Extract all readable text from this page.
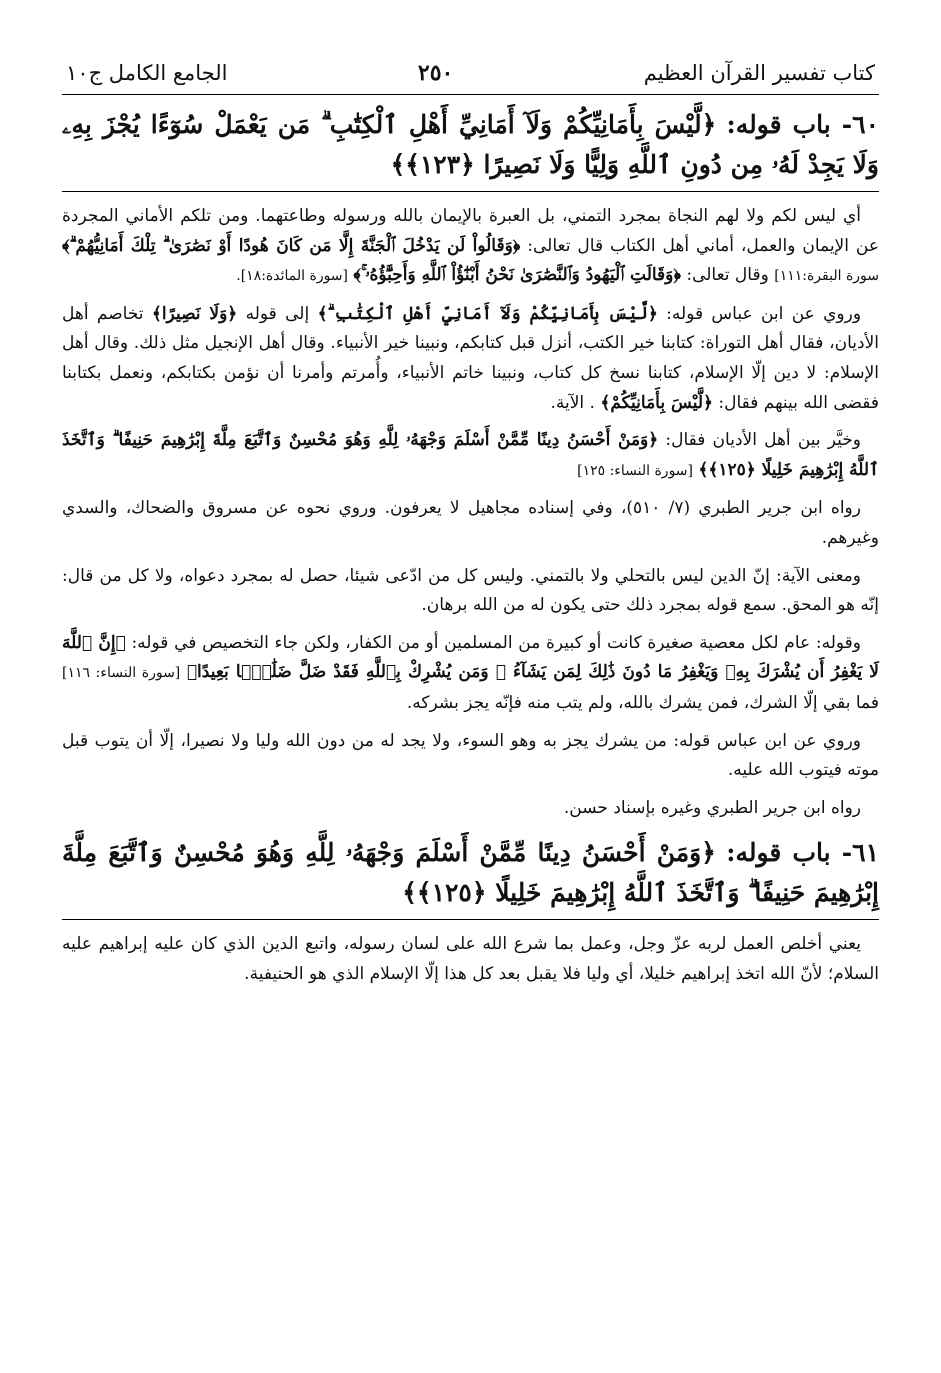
كتاب تفسير القرآن العظيم
٢٥٠
الجامع الكامل ج١٠
٦٠- باب قوله: ﴿لَّيْسَ بِأَمَانِيِّكُمْ وَلَآ أَمَانِيِّ أَهْلِ ٱلْكِتَٰبِ ۗ مَن يَعْمَلْ سُوٓءًا يُجْزَ بِهِۦ وَلَا يَجِدْ لَهُۥ مِن دُونِ ٱللَّهِ وَلِيًّا وَلَا نَصِيرًا ﴿١٢٣﴾﴾

أي ليس لكم ولا لهم النجاة بمجرد التمني، بل العبرة بالإيمان بالله ورسوله وطاعتهما. ومن تلكم الأماني المجردة عن الإيمان والعمل، أماني أهل الكتاب قال تعالى: ﴿وَقَالُواْ لَن يَدْخُلَ ٱلْجَنَّةَ إِلَّا مَن كَانَ هُودًا أَوْ نَصَٰرَىٰ ۗ تِلْكَ أَمَانِيُّهُمْ ۗ﴾ سورة البقرة:١١١] وقال تعالى: ﴿وَقَالَتِ ٱلْيَهُودُ وَٱلنَّصَٰرَىٰ نَحْنُ أَبْنَٰٓؤُاْ ٱللَّهِ وَأَحِبَّٰٓؤُهُۥ ۚ﴾ [سورة المائدة:١٨].

وروي عن ابن عباس قوله: ﴿لَّيْسَ بِأَمَانِيِّكُمْ وَلَآ أَمَانِيِّ أَهْلِ ٱلْكِتَٰبِ ۗ﴾ إلى قوله ﴿وَلَا نَصِيرًا﴾ تخاصم أهل الأديان، فقال أهل التوراة: كتابنا خير الكتب، أنزل قبل كتابكم، ونبينا خير الأنبياء. وقال أهل الإنجيل مثل ذلك. وقال أهل الإسلام: لا دين إلّا الإسلام، كتابنا نسخ كل كتاب، ونبينا خاتم الأنبياء، وأُمرتم وأمرنا أن نؤمن بكتابكم، ونعمل بكتابنا فقضى الله بينهم فقال: ﴿لَّيْسَ بِأَمَانِيِّكُمْ﴾ . الآية.

وخيَّر بين أهل الأديان فقال: ﴿وَمَنْ أَحْسَنُ دِينًا مِّمَّنْ أَسْلَمَ وَجْهَهُۥ لِلَّهِ وَهُوَ مُحْسِنٌ وَٱتَّبَعَ مِلَّةَ إِبْرَٰهِيمَ حَنِيفًا ۗ وَٱتَّخَذَ ٱللَّهُ إِبْرَٰهِيمَ خَلِيلًا ﴿١٢٥﴾﴾ [سورة النساء: ١٢٥]

رواه ابن جرير الطبري (٧/ ٥١٠)، وفي إسناده مجاهيل لا يعرفون. وروي نحوه عن مسروق والضحاك، والسدي وغيرهم.

ومعنى الآية: إنّ الدين ليس بالتحلي ولا بالتمني. وليس كل من ادّعى شيئا، حصل له بمجرد دعواه، ولا كل من قال: إنّه هو المحق. سمع قوله بمجرد ذلك حتى يكون له من الله برهان.

وقوله: عام لكل معصية صغيرة كانت أو كبيرة من المسلمين أو من الكفار، ولكن جاء التخصيص في قوله: ﴿إِنَّ ٱللَّهَ لَا يَغْفِرُ أَن يُشْرَكَ بِهِۦ وَيَغْفِرُ مَا دُونَ ذَٰلِكَ لِمَن يَشَآءُ ۚ وَمَن يُشْرِكْ بِٱللَّهِ فَقَدْ ضَلَّ ضَلَٰلًۢا بَعِيدًا﴾ [سورة النساء: ١١٦] فما بقي إلّا الشرك، فمن يشرك بالله، ولم يتب منه فإنّه يجز بشركه.

وروي عن ابن عباس قوله: من يشرك يجز به وهو السوء، ولا يجد له من دون الله وليا ولا نصيرا، إلّا أن يتوب قبل موته فيتوب الله عليه.

رواه ابن جرير الطبري وغيره بإسناد حسن.

٦١- باب قوله: ﴿وَمَنْ أَحْسَنُ دِينًا مِّمَّنْ أَسْلَمَ وَجْهَهُۥ لِلَّهِ وَهُوَ مُحْسِنٌ وَٱتَّبَعَ مِلَّةَ إِبْرَٰهِيمَ حَنِيفًا ۗ وَٱتَّخَذَ ٱللَّهُ إِبْرَٰهِيمَ خَلِيلًا ﴿١٢٥﴾﴾

يعني أخلص العمل لربه عزّ وجل، وعمل بما شرع الله على لسان رسوله، واتبع الدين الذي كان عليه إبراهيم عليه السلام؛ لأنّ الله اتخذ إبراهيم خليلا، أي وليا فلا يقبل بعد كل هذا إلّا الإسلام الذي هو الحنيفية.
